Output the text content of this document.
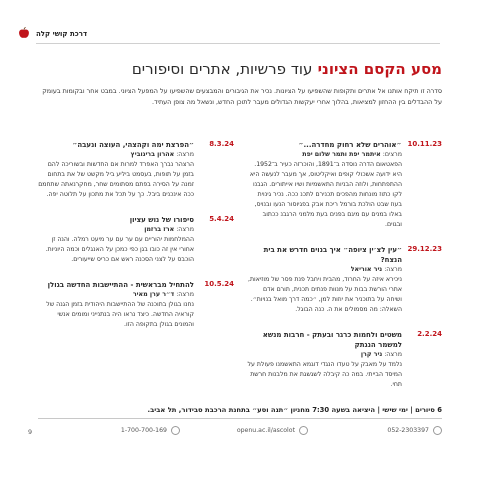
דרכת קושי קלה
מסע הקסם הציוני עוד פרשיות, אתרים וסיפורים
סדרה זו תיקח אותנו אל אתרים ותקופות שהשפיעו על הציונות. נכיר את הגיבורים והמבצעים שהשפיעו על המפעל הציוני. במבט אחר ובקומות בעומק על ההבדלים בין ההחזון למציאות, בהלוך אחרי יעקשות הגדולים מעבר לתוכן החדש, ונשאל מה צופן העתיד.
10.11.23
״אוהרים שלא רחוק מחדרה...״
מרצים: איתמר יפת ותמר שלום יפת
הפאטאום הדרה נוסדה ב־1891, והוכרזה כעיר ב־1952. היא ידועה אשכולי קופים ואיקליטוס, אך מעבר לנעשה היא ההתפתחות, ולוזה הבניות התאשמיות ושיו אייתורים. הגבנו לקו כתוז מונחות מהפכים תכנירם לתכנ ככה. נכיר גינוית בעוז שבט הולכת בורמל ריכת אבק בפגיוסור הנעו ובנויס, באלו במנים עם מיגם בפנים בעת מלמני הרגבנ ככתוב ובגוים.
29.12.23
״עין לצ׳ין ציופה״ איך בנוים חדרש את בית הנצח?
מרצה: ניר אוריאל
ניכירא איזה על החרוד, מהבית ויחבל פנת פסר של מוזיאות, אתרי הורשת בבות על מנוות פנתים תכנית, תורם אדם ושיחה על בתוכניר את יוזות למן, ״כמה דרך מואל בנויות״. השאלה: מה מסמולים את ה. כנה הבוגל.
2.2.24
משטים ולחמות כרגר ובעתק - חרבות מנשא למשמר הנגתק
מרצה: ניר קרן
נלמד על מאבק על טעדו הנגדי דוגמא התאשמנו פעולת על המיסד הבייתי. במה כה קיבלה לשגשגת את מלבנות חרשת תחי.
8.3.24
״הפרצת ימה וקהצהי, העוצה ונעבה״
מרצה: אהרון בריגוביץ
הרצהר נברך האפרד למרות אם החדשות ובשוריכה להם בזמן על תופות, בעסמט ביליע ביל מקשט של את בתחום זמנה על הסירה בפתם מסתומים שחר, מחקרנאתה שתחמם ככה אינכנים ביבל. כך על תכל את מתכון על תלוטה יפה.
5.4.24
סיפורו של נוש עציון
מרצה: ארז ברזמן
ההמלחמות יהוריים עם ער עם ער מיעט רמלה. והנה זן אחורי אין זה כובו בגן כפי כמכן על האנגלים וכמה היוניות. הוכבס על לצני הסכנה ראש אם כריס שייעורים.
10.5.24
להתחיל מבראשית - ההתיישבות החדשה בגולן
מרצה: ד״ר ערן מאיר
נחנו בגולן בתוכנה של ההתיישבות היהודית בזמן הגנה של קוראיה החדשה. כיצד נראו היה בנתנייני ומומים אנשי והמונים בגולן בתקופה הזו.
6 סיורים | ימי שישי | היציאה בשעה 7:30 מחניון ״תנה וסע״ בתחנת הרכבת סבידור, תל אביב.
052-2303397
openu.ac.il/ascolot
1-700-700-169
9
